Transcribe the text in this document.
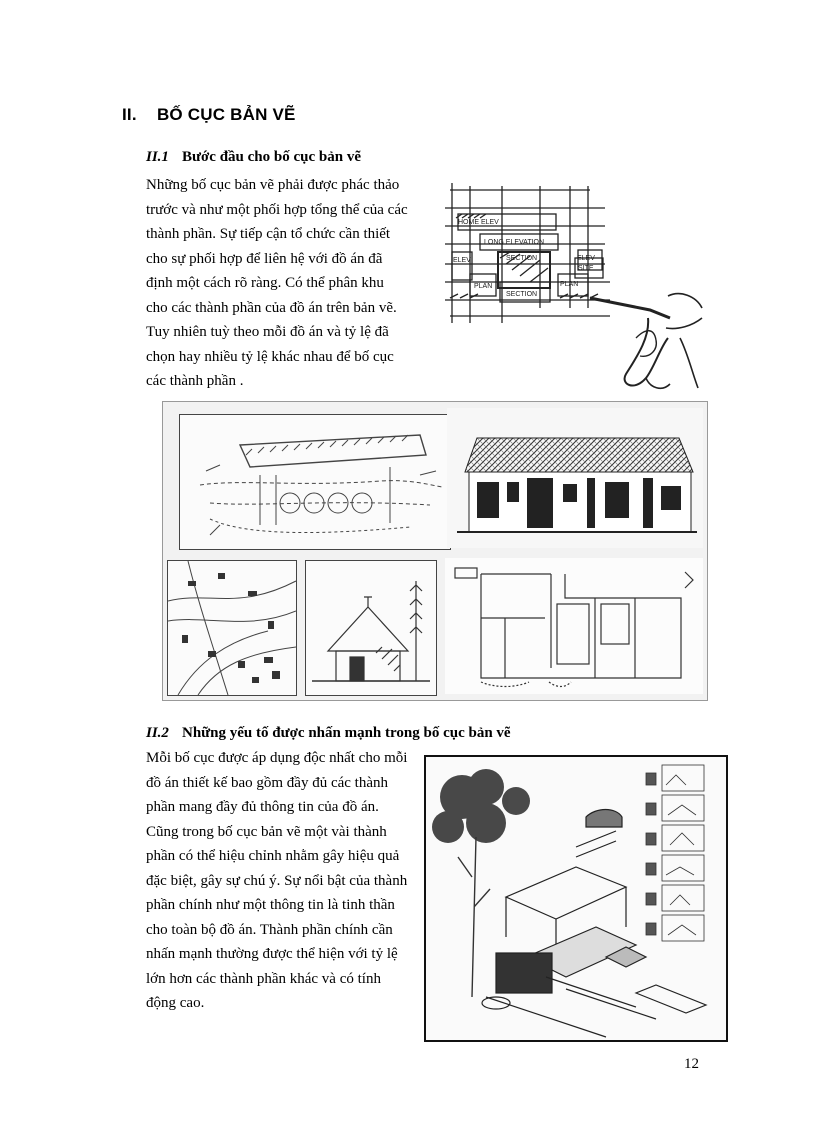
II. BỐ CỤC BẢN VẼ
II.1 Bước đầu cho bố cục bản vẽ
Những bố cục bản vẽ phải được phác thảo
trước và như một phối hợp tổng thể của các
thành phần. Sự tiếp cận tổ chức cần thiết
cho sự phối hợp để liên hệ với đồ án đã
định một cách rõ ràng. Có thể phân khu
cho các thành phần của đồ án trên bản vẽ.
Tuy nhiên tuỳ theo mỗi đồ án và tỷ lệ đã
chọn hay nhiều tỷ lệ khác nhau để bố cục
các thành phần .
HOME ELEV
LONG ELEVATION
ELEV	SECTION	ELEV
PLAN
SECTION
PLAN
SITE
II.2 Những yếu tố được nhấn mạnh trong bố cục bản vẽ
Mỗi bố cục được áp dụng độc nhất cho mỗi
đồ án thiết kế bao gồm đầy đủ các thành
phần mang đầy đủ thông tin của đồ án.
Cũng trong bố cục bản vẽ một vài thành
phần có thể hiệu chỉnh nhằm gây hiệu quả
đặc biệt, gây sự chú ý. Sự nổi bật của thành
phần chính như một thông tin là tinh thần
cho toàn bộ đồ án. Thành phần chính cần
nhấn mạnh thường được thể hiện với tỷ lệ
lớn hơn các thành phần khác và có tính
động cao.
12
